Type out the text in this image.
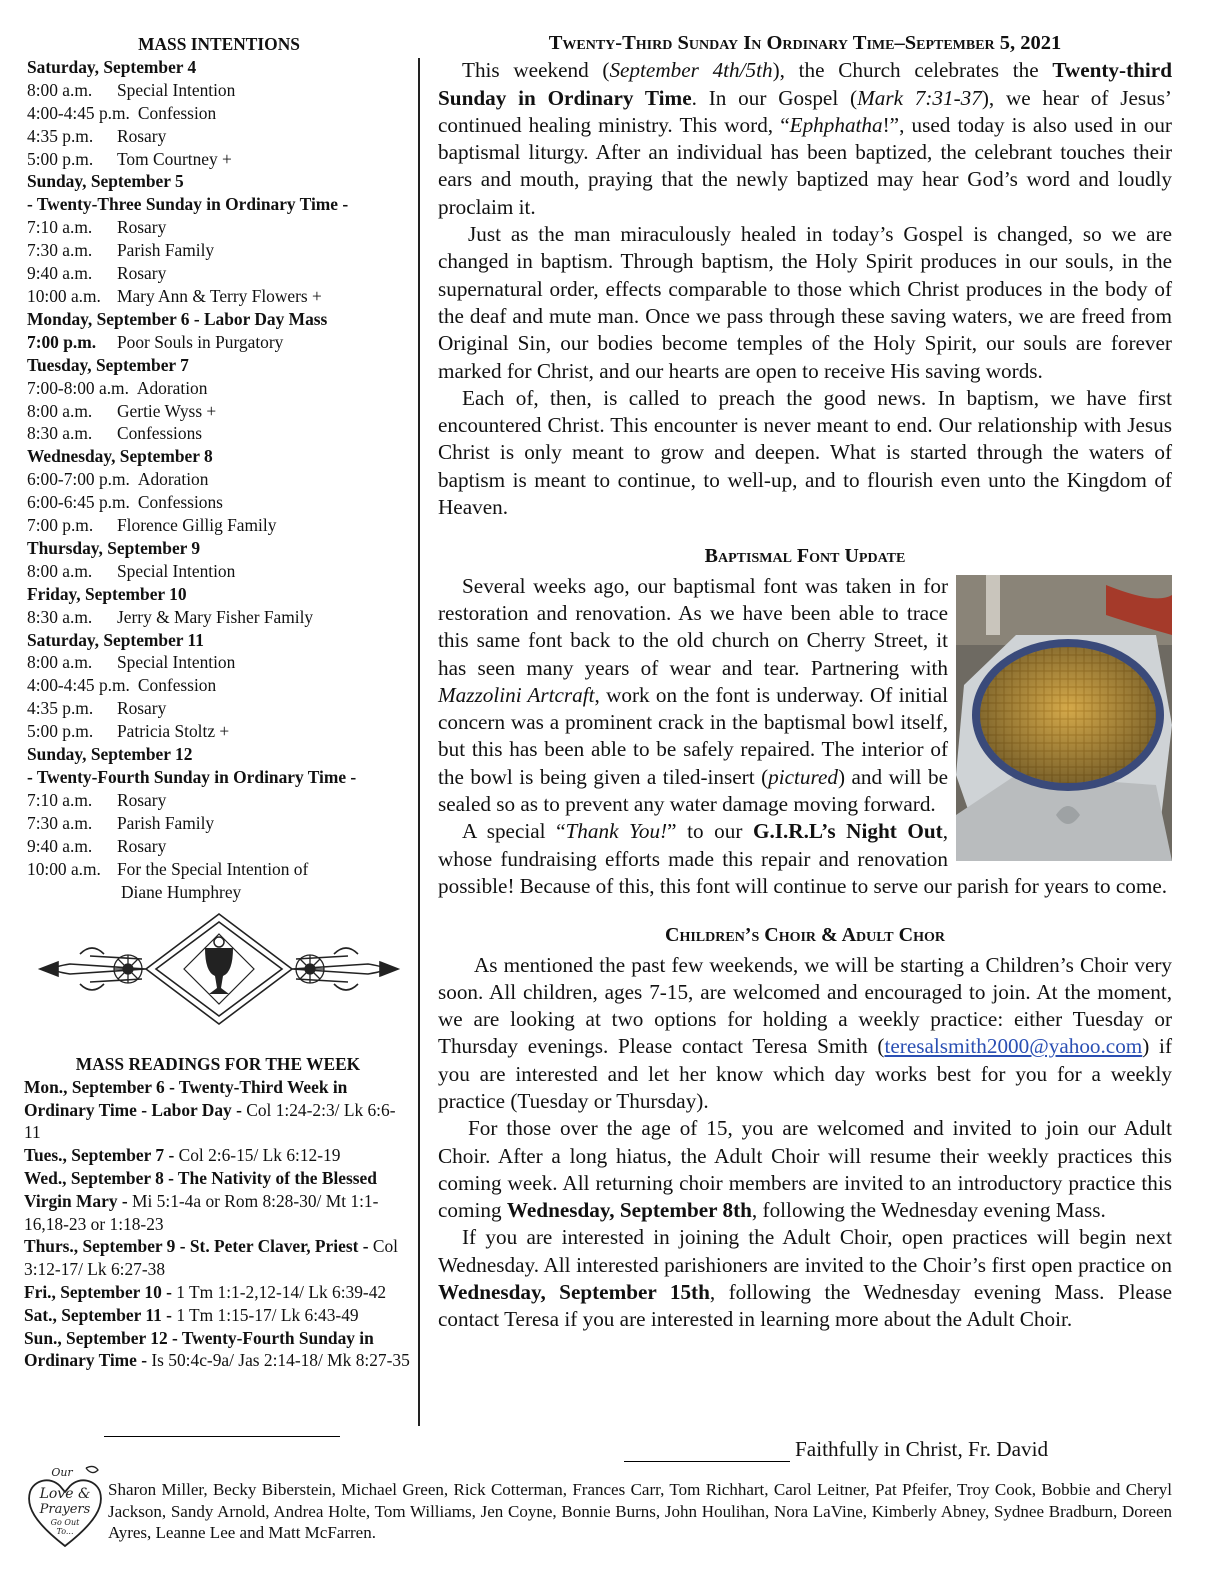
MASS INTENTIONS
Saturday, September 4
8:00 a.m. Special Intention
4:00-4:45 p.m. Confession
4:35 p.m. Rosary
5:00 p.m. Tom Courtney +
Sunday, September 5
- Twenty-Three Sunday in Ordinary Time -
7:10 a.m. Rosary
7:30 a.m. Parish Family
9:40 a.m. Rosary
10:00 a.m. Mary Ann & Terry Flowers +
Monday, September 6 - Labor Day Mass
7:00 p.m. Poor Souls in Purgatory
Tuesday, September 7
7:00-8:00 a.m. Adoration
8:00 a.m. Gertie Wyss +
8:30 a.m. Confessions
Wednesday, September 8
6:00-7:00 p.m. Adoration
6:00-6:45 p.m. Confessions
7:00 p.m. Florence Gillig Family
Thursday, September 9
8:00 a.m. Special Intention
Friday, September 10
8:30 a.m. Jerry & Mary Fisher Family
Saturday, September 11
8:00 a.m. Special Intention
4:00-4:45 p.m. Confession
4:35 p.m. Rosary
5:00 p.m. Patricia Stoltz +
Sunday, September 12
- Twenty-Fourth Sunday in Ordinary Time -
7:10 a.m. Rosary
7:30 a.m. Parish Family
9:40 a.m. Rosary
10:00 a.m. For the Special Intention of
Diane Humphrey
MASS READINGS FOR THE WEEK
Mon., September 6 - Twenty-Third Week in Ordinary Time - Labor Day - Col 1:24-2:3/ Lk 6:6-11
Tues., September 7 - Col 2:6-15/ Lk 6:12-19
Wed., September 8 - The Nativity of the Blessed Virgin Mary - Mi 5:1-4a or Rom 8:28-30/ Mt 1:1-16,18-23 or 1:18-23
Thurs., September 9 - St. Peter Claver, Priest - Col 3:12-17/ Lk 6:27-38
Fri., September 10 - 1 Tm 1:1-2,12-14/ Lk 6:39-42
Sat., September 11 - 1 Tm 1:15-17/ Lk 6:43-49
Sun., September 12 - Twenty-Fourth Sunday in Ordinary Time - Is 50:4c-9a/ Jas 2:14-18/ Mk 8:27-35
Twenty-Third Sunday In Ordinary Time–September 5, 2021

This weekend (September 4th/5th), the Church celebrates the Twenty-third Sunday in Ordinary Time. In our Gospel (Mark 7:31-37), we hear of Jesus’ continued healing ministry. This word, “Ephphatha!”, used today is also used in our baptismal liturgy. After an individual has been baptized, the celebrant touches their ears and mouth, praying that the newly baptized may hear God’s word and loudly proclaim it.

Just as the man miraculously healed in today’s Gospel is changed, so we are changed in baptism. Through baptism, the Holy Spirit produces in our souls, in the supernatural order, effects comparable to those which Christ produces in the body of the deaf and mute man. Once we pass through these saving waters, we are freed from Original Sin, our bodies become temples of the Holy Spirit, our souls are forever marked for Christ, and our hearts are open to receive His saving words.

Each of, then, is called to preach the good news. In baptism, we have first encountered Christ. This encounter is never meant to end. Our relationship with Jesus Christ is only meant to grow and deepen. What is started through the waters of baptism is meant to continue, to well-up, and to flourish even unto the Kingdom of Heaven.

Baptismal Font Update

Several weeks ago, our baptismal font was taken in for restoration and renovation. As we have been able to trace this same font back to the old church on Cherry Street, it has seen many years of wear and tear. Partnering with Mazzolini Artcraft, work on the font is underway. Of initial concern was a prominent crack in the baptismal bowl itself, but this has been able to be safely repaired. The interior of the bowl is being given a tiled-insert (pictured) and will be sealed so as to prevent any water damage moving forward.

A special “Thank You!” to our G.I.R.L’s Night Out, whose fundraising efforts made this repair and renovation possible! Because of this, this font will continue to serve our parish for years to come.

Children’s Choir & Adult Chor

As mentioned the past few weekends, we will be starting a Children’s Choir very soon. All children, ages 7-15, are welcomed and encouraged to join. At the moment, we are looking at two options for holding a weekly practice: either Tuesday or Thursday evenings. Please contact Teresa Smith (teresalsmith2000@yahoo.com) if you are interested and let her know which day works best for you for a weekly practice (Tuesday or Thursday).

For those over the age of 15, you are welcomed and invited to join our Adult Choir. After a long hiatus, the Adult Choir will resume their weekly practices this coming week. All returning choir members are invited to an introductory practice this coming Wednesday, September 8th, following the Wednesday evening Mass.

If you are interested in joining the Adult Choir, open practices will begin next Wednesday. All interested parishioners are invited to the Choir’s first open practice on Wednesday, September 15th, following the Wednesday evening Mass. Please contact Teresa if you are interested in learning more about the Adult Choir.

Faithfully in Christ, Fr. David
Our
Love &
Prayers
Go Out
To...
Sharon Miller, Becky Biberstein, Michael Green, Rick Cotterman, Frances Carr, Tom Richhart, Carol Leitner, Pat Pfeifer, Troy Cook, Bobbie and Cheryl Jackson, Sandy Arnold, Andrea Holte, Tom Williams, Jen Coyne, Bonnie Burns, John Houlihan, Nora LaVine, Kimberly Abney, Sydnee Bradburn, Doreen Ayres, Leanne Lee and Matt McFarren.
